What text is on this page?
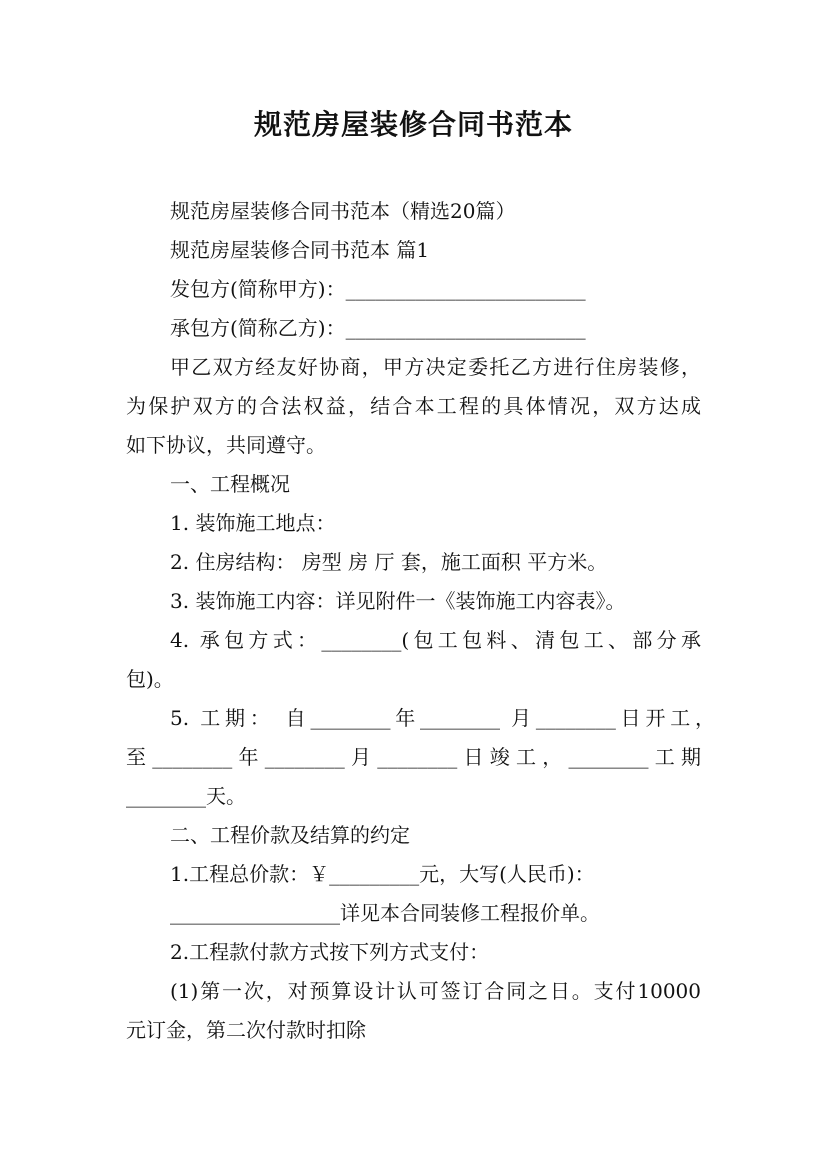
规范房屋装修合同书范本
规范房屋装修合同书范本（精选20篇）
规范房屋装修合同书范本 篇1
发包方(简称甲方)：________________________
承包方(简称乙方)：________________________
甲乙双方经友好协商，甲方决定委托乙方进行住房装修，
为保护双方的合法权益，结合本工程的具体情况，双方达成
如下协议，共同遵守。
一、工程概况
1. 装饰施工地点：
2. 住房结构： 房型 房 厅 套，施工面积 平方米。
3. 装饰施工内容：详见附件一《装饰施工内容表》。
4. 承包方式：________(包工包料、清包工、部分承
包)。
5. 工期： 自________年________ 月________日开工，
至________年________月________日竣工，________工期
________天。
二、工程价款及结算的约定
1.工程总价款：￥_________元，大写(人民币)：
_________________详见本合同装修工程报价单。
2.工程款付款方式按下列方式支付：
(1)第一次，对预算设计认可签订合同之日。支付10000
元订金，第二次付款时扣除
